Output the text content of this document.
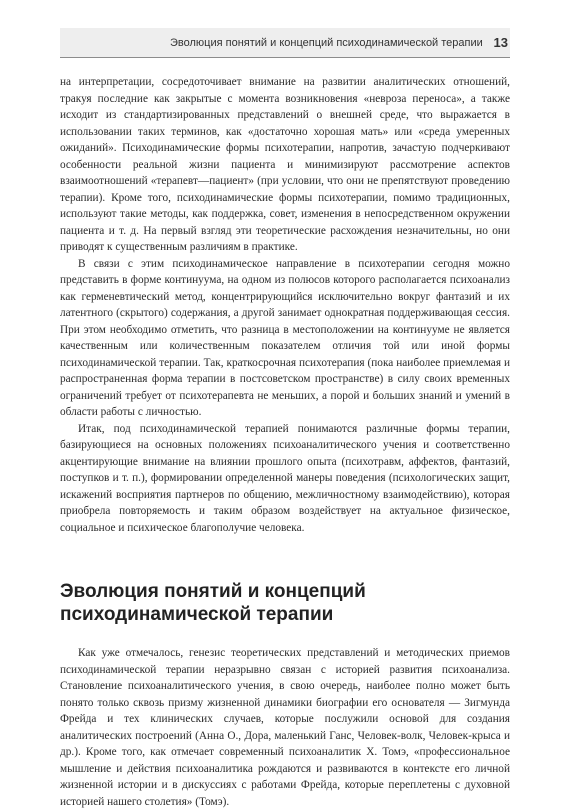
Эволюция понятий и концепций психодинамической терапии 13

на интерпретации, сосредоточивает внимание на развитии аналитических отношений, тракуя последние как закрытые с момента возникновения «невроза переноса», а также исходит из стандартизированных представлений о внешней среде, что выражается в использовании таких терминов, как «достаточно хорошая мать» или «среда умеренных ожиданий». Психодинамические формы психотерапии, напротив, зачастую подчеркивают особенности реальной жизни пациента и минимизируют рассмотрение аспектов взаимоотношений «терапевт—пациент» (при условии, что они не препятствуют проведению терапии). Кроме того, психодинамические формы психотерапии, помимо традиционных, используют такие методы, как поддержка, совет, изменения в непосредственном окружении пациента и т. д. На первый взгляд эти теоретические расхождения незначительны, но они приводят к существенным различиям в практике.

В связи с этим психодинамическое направление в психотерапии сегодня можно представить в форме континуума, на одном из полюсов которого располагается психоанализ как герменевтический метод, концентрирующийся исключительно вокруг фантазий и их латентного (скрытого) содержания, а другой занимает однократная поддерживающая сессия. При этом необходимо отметить, что разница в местоположении на континууме не является качественным или количественным показателем отличия той или иной формы психодинамической терапии. Так, краткосрочная психотерапия (пока наиболее приемлемая и распространенная форма терапии в постсоветском пространстве) в силу своих временных ограничений требует от психотерапевта не меньших, а порой и больших знаний и умений в области работы с личностью.

Итак, под психодинамической терапией понимаются различные формы терапии, базирующиеся на основных положениях психоаналитического учения и соответственно акцентирующие внимание на влиянии прошлого опыта (психотравм, аффектов, фантазий, поступков и т. п.), формировании определенной манеры поведения (психологических защит, искажений восприятия партнеров по общению, межличностному взаимодействию), которая приобрела повторяемость и таким образом воздействует на актуальное физическое, социальное и психическое благополучие человека.

Эволюция понятий и концепций
психодинамической терапии

Как уже отмечалось, генезис теоретических представлений и методических приемов психодинамической терапии неразрывно связан с историей развития психоанализа. Становление психоаналитического учения, в свою очередь, наиболее полно может быть понято только сквозь призму жизненной динамики биографии его основателя — Зигмунда Фрейда и тех клинических случаев, которые послужили основой для создания аналитических построений (Анна О., Дора, маленький Ганс, Человек-волк, Человек-крыса и др.). Кроме того, как отмечает современный психоаналитик Х. Томэ, «профессиональное мышление и действия психоаналитика рождаются и развиваются в контексте его личной жизненной истории и в дискуссиях с работами Фрейда, которые переплетены с духовной историей нашего столетия» (Томэ).
